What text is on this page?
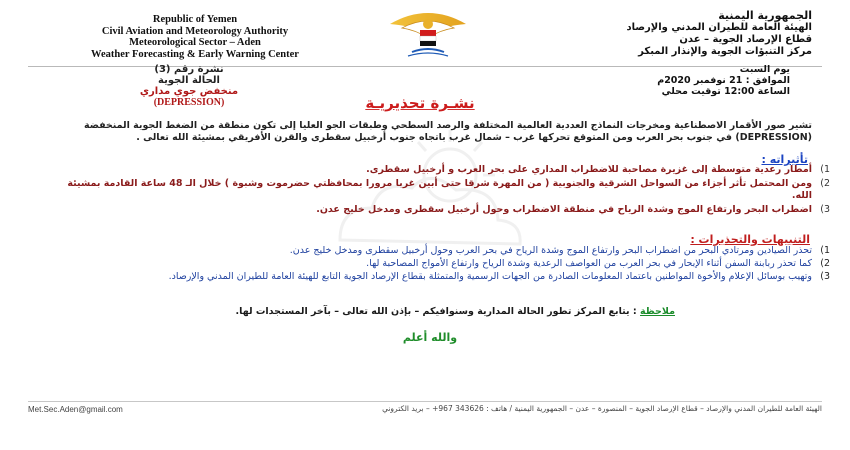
Republic of Yemen
Civil Aviation and Meteorology Authority
Meteorological Sector – Aden
Weather Forecasting & Early Warning Center
الجمهورية اليمنية
الهيئة العامة للطيران المدني والإرصاد
قطاع الإرصاد الجوية – عدن
مركز التنبؤات الجوية والإنذار المبكر
نشرة رقم (3)
الحالة الجوية
منخفض جوي مداري
(DEPRESSION)
يوم السبت
الموافق : 21 نوفمبر 2020م
الساعة 12:00 توقيت محلي
نشـرة تحذيريـة
تشير صور الأقمار الاصطناعية ومخرجات النماذج العددية العالمية المختلفة والرصد السطحي وطبقات الجو العليا إلى تكون منطقة من الضغط الجوية المنخفضة (DEPRESSION) في جنوب بحر العرب ومن المتوقع تحركها غرب – شمال غرب باتجاه جنوب أرخبيل سقطرى والقرن الأفريقي بمشيئة الله تعالى .
تأثيراته :
1)
أمطار رعدية متوسطة إلى غزيرة مصاحبة للاضطراب المداري على بحر العرب و أرخبيل سقطرى.
2)
ومن المحتمل تأثر أجزاء من السواحل الشرقية والجنوبية ( من المهرة شرقا حتى أبين غربا مرورا بمحافظتي حضرموت وشبوة ) خلال الـ 48 ساعة القادمة بمشيئة الله.
3)
اضطراب البحر وارتفاع الموج وشدة الرياح في منطقة الاضطراب وحول أرخبيل سقطرى ومدخل خليج عدن.
التنبيهات والتحذيرات :
1)
تحذر الصيادين ومرتادي البحر من اضطراب البحر وارتفاع الموج وشدة الرياح في بحر العرب وحول أرخبيل سقطرى ومدخل خليج عدن.
2)
كما تحذر ربابنة السفن أثناء الإبحار في بحر العرب من العواصف الرعدية وشدة الرياح وارتفاع الأمواج المصاحبة لها.
3)
وتهيب بوسائل الإعلام والأخوة المواطنين باعتماد المعلومات الصادرة من الجهات الرسمية والمتمثلة بقطاع الإرصاد الجوية التابع للهيئة العامة للطيران المدني والإرصاد.
ملاحظة : يتابع المركز تطور الحالة المدارية وسنوافيكم – بإذن الله تعالى – بآخر المستجدات لها.
والله أعلم
Met.Sec.Aden@gmail.com	الهيئة العامة للطيران المدني والإرصاد – قطاع الإرصاد الجوية – المنصورة – عدن – الجمهورية اليمنية / هاتف : 343626 967+ – بريد الكتروني
